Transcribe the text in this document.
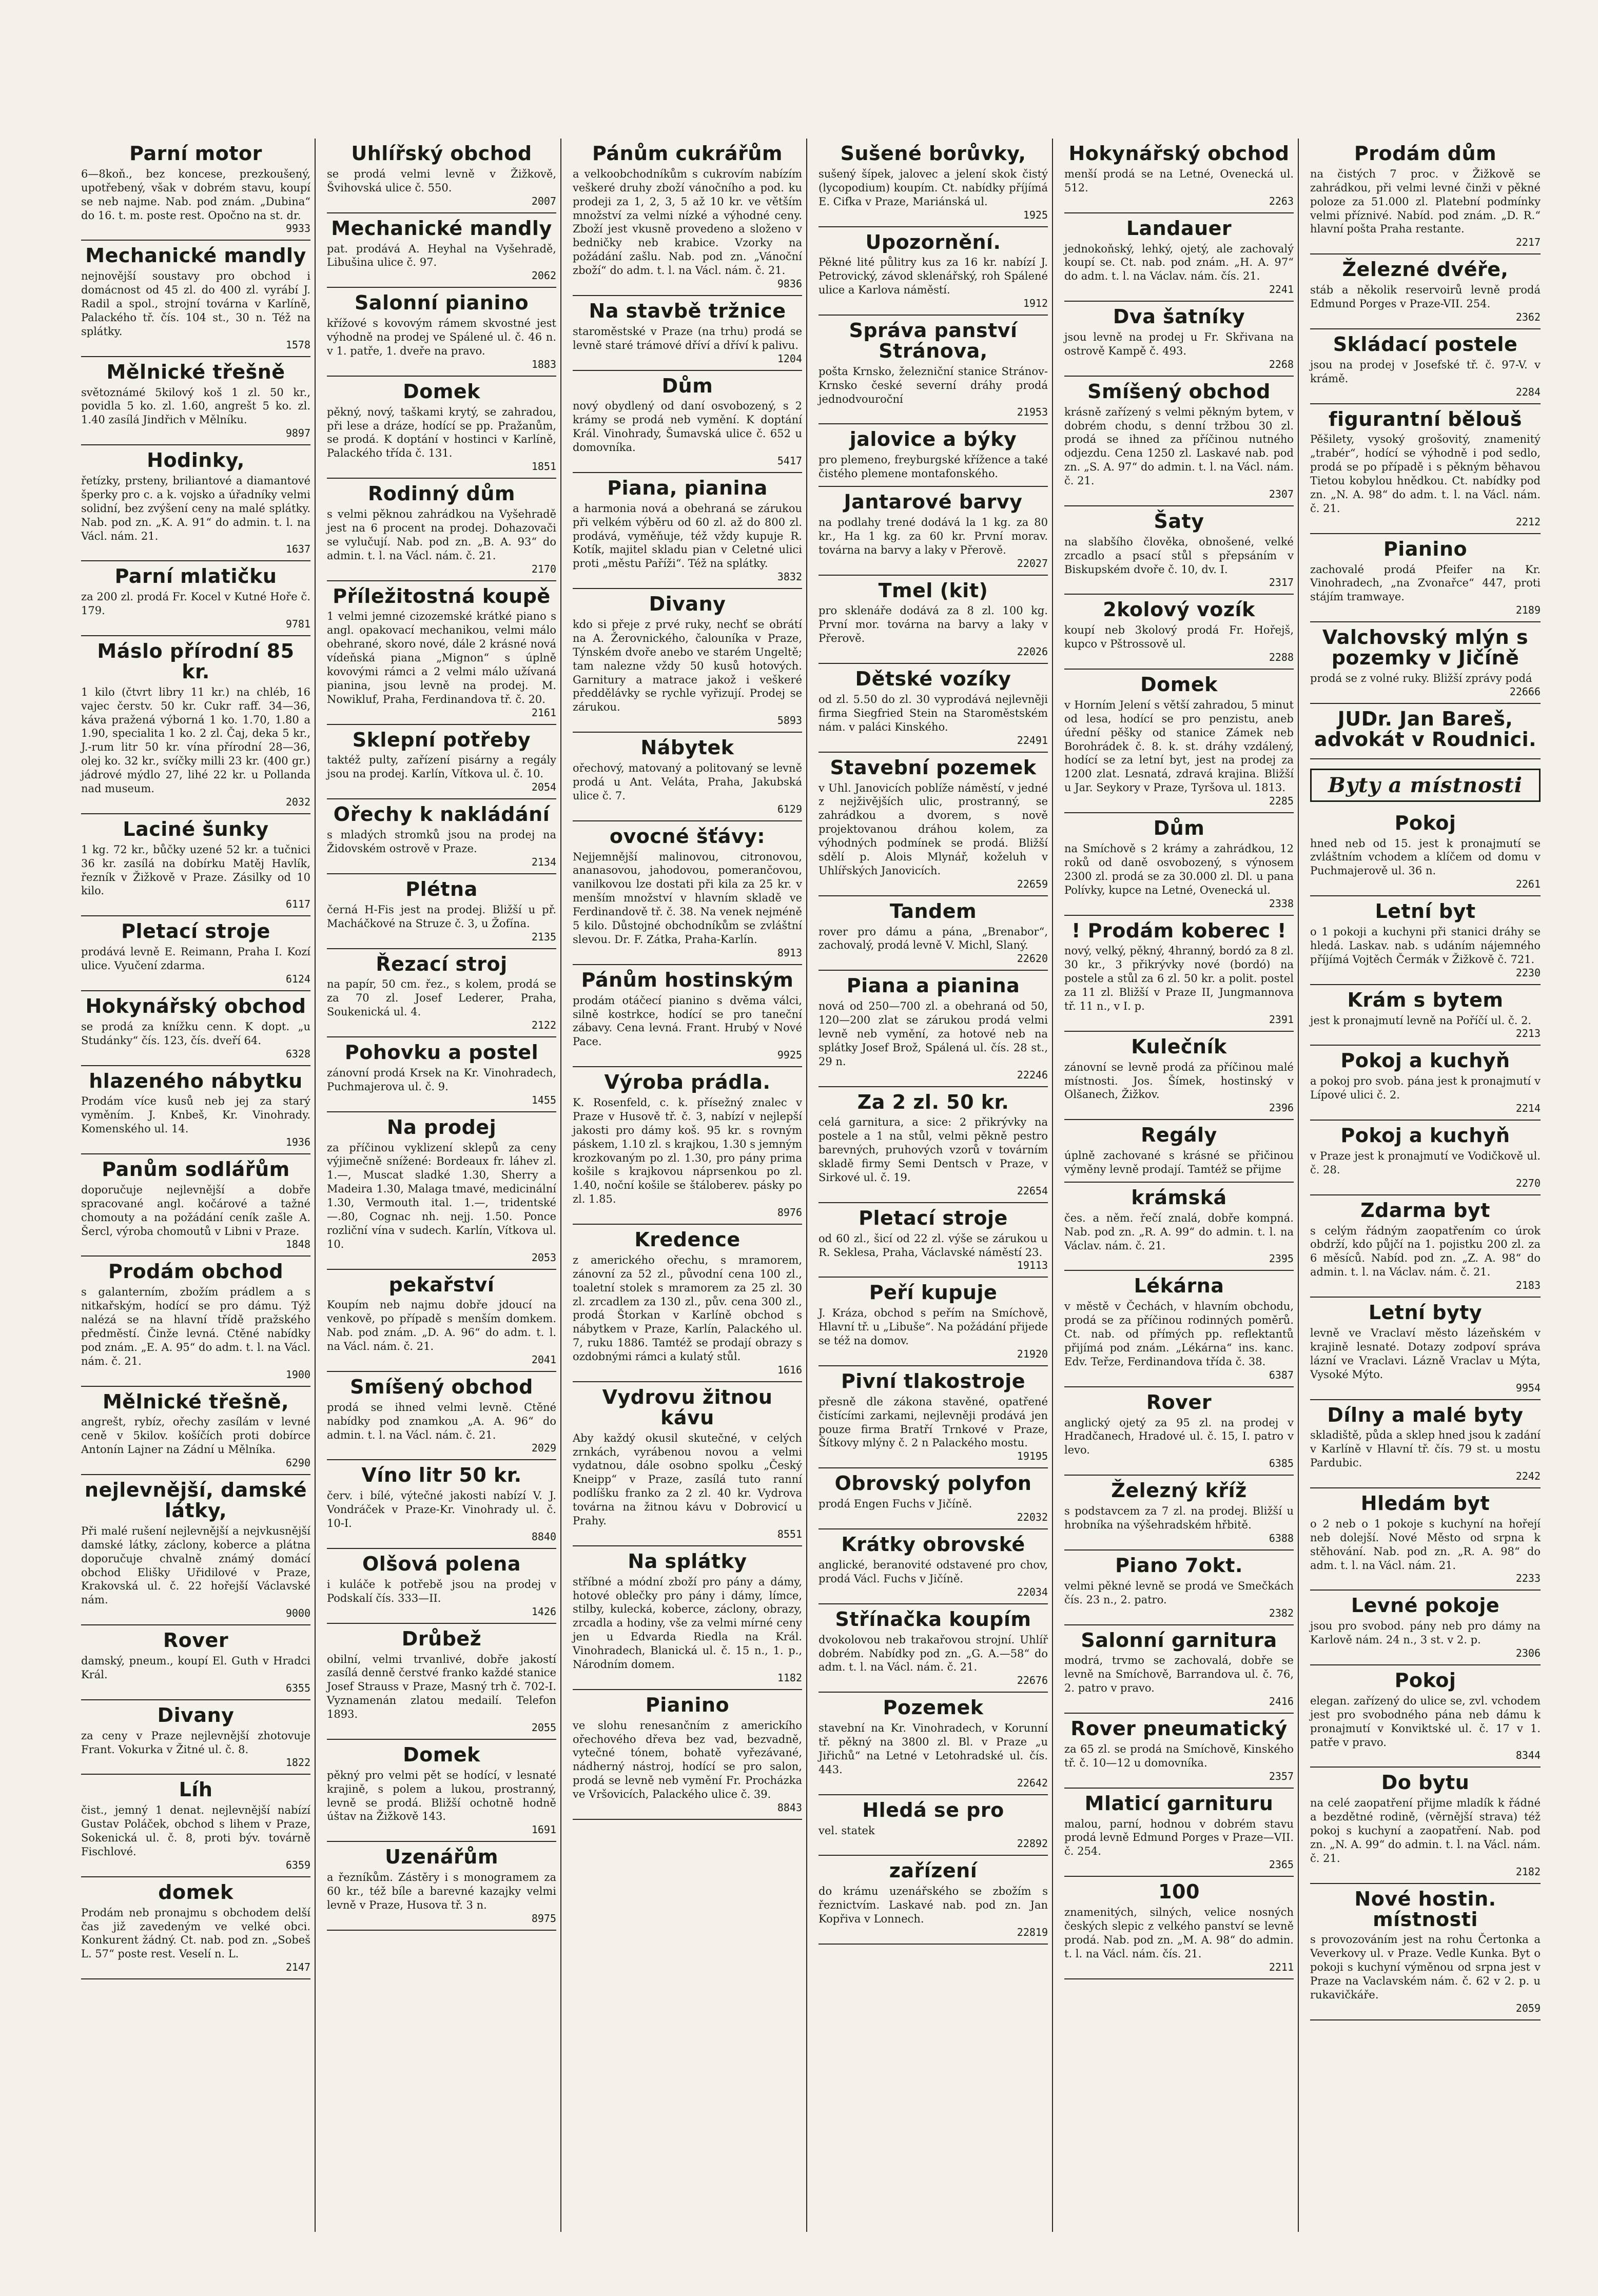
Parní motor

6—8koň., bez koncese, prezkoušený, upotřebený, však v dobrém stavu, koupí se neb najme. Nab. pod znám. „Dubina“ do 16. t. m. poste rest. Opočno na st. dr.

9933
Mechanické mandly

nejnovější soustavy pro obchod i domácnost od 45 zl. do 400 zl. vyrábí J. Radil a spol., strojní továrna v Karlíně, Palackého tř. čís. 104 st., 30 n. Též na splátky.

1578
Mělnické třešně

světoznámé 5kilový koš 1 zl. 50 kr., povidla 5 ko. zl. 1.60, angrešt 5 ko. zl. 1.40 zasílá Jindřich v Mělníku.

9897
Hodinky,

řetízky, prsteny, briliantové a diamantové šperky pro c. a k. vojsko a úřadníky velmi solidní, bez zvýšení ceny na malé splátky. Nab. pod zn. „K. A. 91“ do admin. t. l. na Václ. nám. 21.

1637
Parní mlatičku

za 200 zl. prodá Fr. Kocel v Kutné Hoře č. 179.

9781
Máslo přírodní 85 kr.

1 kilo (čtvrt libry 11 kr.) na chléb, 16 vajec čerstv. 50 kr. Cukr raff. 34—36, káva pražená výborná 1 ko. 1.70, 1.80 a 1.90, specialita 1 ko. 2 zl. Čaj, deka 5 kr., J.-rum litr 50 kr. vína přírodní 28—36, olej ko. 32 kr., svíčky milli 23 kr. (400 gr.) jádrové mýdlo 27, lihé 22 kr. u Pollanda nad museum.

2032
Laciné šunky

1 kg. 72 kr., bůčky uzené 52 kr. a tučnici 36 kr. zasílá na dobírku Matěj Havlík, řezník v Žižkově v Praze. Zásilky od 10 kilo.

6117
Pletací stroje

prodává levně E. Reimann, Praha I. Kozí ulice. Vyučení zdarma.

6124
Hokynářský obchod

se prodá za knížku cenn. K dopt. „u Studánky“ čís. 123, čís. dveří 64.

6328
hlazeného nábytku

Prodám více kusů neb jej za starý vyměním. J. Knbeš, Kr. Vinohrady. Komenského ul. 14.

1936
Panům sodlářům

doporučuje nejlevnější a dobře spracované angl. kočárové a tažné chomouty a na požádání ceník zašle A. Šercl, výroba chomoutů v Libni v Praze.

1848
Prodám obchod

s galanterním, zbožím prádlem a s nitkařským, hodící se pro dámu. Týž nalézá se na hlavní třídě pražského předměstí. Činže levná. Ctěné nabídky pod znám. „E. A. 95“ do adm. t. l. na Václ. nám. č. 21.

1900
Mělnické třešně,

angrešt, rybíz, ořechy zasílám v levné ceně v 5kilov. košíčích proti dobírce Antonín Lajner na Zádní u Mělníka.

6290
nejlevnější, damské látky,

Při malé rušení nejlevnější a nejvkusnější damské látky, záclony, koberce a plátna doporučuje chvalně známý domácí obchod Elišky Uřidilové v Praze, Krakovská ul. č. 22 hořejší Václavské nám.

9000
Rover

damský, pneum., koupí El. Guth v Hradci Král.

6355
Divany

za ceny v Praze nejlevnější zhotovuje Frant. Vokurka v Žitné ul. č. 8.

1822
Líh

čist., jemný 1 denat. nejlevnější nabízí Gustav Poláček, obchod s lihem v Praze, Sokenická ul. č. 8, proti býv. továrně Fischlové.

6359
domek

Prodám neb pronajmu s obchodem delší čas již zavedeným ve velké obci. Konkurent žádný. Ct. nab. pod zn. „Sobeš L. 57“ poste rest. Veselí n. L.

2147
Uhlířský obchod

se prodá velmi levně v Žižkově, Švihovská ulice č. 550.

2007
Mechanické mandly

pat. prodává A. Heyhal na Vyšehradě, Libušina ulice č. 97.

2062
Salonní pianino

křížové s kovovým rámem skvostné jest výhodně na prodej ve Spálené ul. č. 46 n. v 1. patře, 1. dveře na pravo.

1883
Domek

pěkný, nový, taškami krytý, se zahradou, při lese a dráze, hodící se pp. Pražanům, se prodá. K doptání v hostinci v Karlíně, Palackého třída č. 131.

1851
Rodinný dům

s velmi pěknou zahrádkou na Vyšehradě jest na 6 procent na prodej. Dohazovači se vylučují. Nab. pod zn. „B. A. 93“ do admin. t. l. na Václ. nám. č. 21.

2170
Příležitostná koupě

1 velmi jemné cizozemské krátké piano s angl. opakovací mechanikou, velmi málo obehrané, skoro nové, dále 2 krásné nová vídeňská piana „Mignon“ s úplně kovovými rámci a 2 velmi málo užívaná pianina, jsou levně na prodej. M. Nowikluf, Praha, Ferdinandova tř. č. 20.

2161
Sklepní potřeby

taktéž pulty, zařízení pisárny a regály jsou na prodej. Karlín, Vítkova ul. č. 10.

2054
Ořechy k nakládání

s mladých stromků jsou na prodej na Židovském ostrově v Praze.

2134
Plétna

černá H-Fis jest na prodej. Bližší u př. Macháčkové na Struze č. 3, u Žofína.

2135
Řezací stroj

na papír, 50 cm. řez., s kolem, prodá se za 70 zl. Josef Lederer, Praha, Soukenická ul. 4.

2122
Pohovku a postel

zánovní prodá Krsek na Kr. Vinohradech, Puchmajerova ul. č. 9.

1455
Na prodej

za příčinou vyklizení sklepů za ceny výjimečně snížené: Bordeaux fr. láhev zl. 1.—, Muscat sladké 1.30, Sherry a Madeira 1.30, Malaga tmavé, medicinální 1.30, Vermouth ital. 1.—, tridentské —.80, Cognac nh. nejj. 1.50. Ponce rozliční vína v sudech. Karlín, Vítkova ul. 10.

2053
pekařství

Koupím neb najmu dobře jdoucí na venkově, po případě s menším domkem. Nab. pod znám. „D. A. 96“ do adm. t. l. na Václ. nám. č. 21.

2041
Smíšený obchod

prodá se ihned velmi levně. Ctěné nabídky pod znamkou „A. A. 96“ do admin. t. l. na Václ. nám. č. 21.

2029
Víno litr 50 kr.

červ. i bílé, výtečné jakosti nabízí V. J. Vondráček v Praze-Kr. Vinohrady ul. č. 10-I.

8840
Olšová polena

i kuláče k potřebě jsou na prodej v Podskalí čís. 333—II.

1426
Drůbež

obilní, velmi trvanlivé, dobře jakostí zasílá denně čerstvé franko každé stanice Josef Strauss v Praze, Masný trh č. 702-I. Vyznamenán zlatou medailí. Telefon 1893.

2055
Domek

pěkný pro velmi pět se hodící, v lesnaté krajině, s polem a lukou, prostranný, levně se prodá. Bližší ochotně hodně úštav na Žižkově 143.

1691
Uzenářům

a řezníkům. Zástěry i s monogramem za 60 kr., též bíle a barevné kazajky velmi levně v Praze, Husova tř. 3 n.

8975
Pánům cukrářům

a velkoobchodníkům s cukrovím nabízím veškeré druhy zboží vánočního a pod. ku prodeji za 1, 2, 3, 5 až 10 kr. ve větším množství za velmi nízké a výhodné ceny. Zboží jest vkusně provedeno a složeno v bedničky neb krabice. Vzorky na požádání zašlu. Nab. pod zn. „Vánoční zboží“ do adm. t. l. na Václ. nám. č. 21.

9836
Na stavbě tržnice

staroměstské v Praze (na trhu) prodá se levně staré trámové dříví a dříví k palivu.

1204
Dům

nový obydlený od daní osvobozený, s 2 krámy se prodá neb vymění. K doptání Král. Vinohrady, Šumavská ulice č. 652 u domovníka.

5417
Piana, pianina

a harmonia nová a obehraná se zárukou při velkém výběru od 60 zl. až do 800 zl. prodává, vyměňuje, též vždy kupuje R. Kotík, majitel skladu pian v Celetné ulici proti „městu Paříži“. Též na splátky.

3832
Divany

kdo si přeje z prvé ruky, nechť se obrátí na A. Žerovnického, čalouníka v Praze, Týnském dvoře anebo ve starém Ungeltě; tam nalezne vždy 50 kusů hotových. Garnitury a matrace jakož i veškeré předdělávky se rychle vyřizují. Prodej se zárukou.

5893
Nábytek

ořechový, matovaný a politovaný se levně prodá u Ant. Veláta, Praha, Jakubská ulice č. 7.

6129
ovocné šťávy:

Nejjemnější malinovou, citronovou, ananasovou, jahodovou, pomerančovou, vanilkovou lze dostati při kila za 25 kr. v menším množství v hlavním skladě ve Ferdinandově tř. č. 38. Na venek nejméně 5 kilo. Důstojné obchodníkům se zvláštní slevou. Dr. F. Zátka, Praha-Karlín.

8913
Pánům hostinským

prodám otáčecí pianino s dvěma válci, silně kostrkce, hodící se pro taneční zábavy. Cena levná. Frant. Hrubý v Nové Pace.

9925
Výroba prádla.

K. Rosenfeld, c. k. přísežný znalec v Praze v Husově tř. č. 3, nabízí v nejlepší jakosti pro dámy koš. 95 kr. s rovným páskem, 1.10 zl. s krajkou, 1.30 s jemným krozkovaným po zl. 1.30, pro pány prima košile s krajkovou náprsenkou po zl. 1.40, noční košile se štáloberev. pásky po zl. 1.85.

8976
Kredence

z amerického ořechu, s mramorem, zánovní za 52 zl., původní cena 100 zl., toaletní stolek s mramorem za 25 zl. 30 zl. zrcadlem za 130 zl., pův. cena 300 zl., prodá Štorkan v Karlíně obchod s nábytkem v Praze, Karlín, Palackého ul. 7, ruku 1886. Tamtéž se prodají obrazy s ozdobnými rámci a kulatý stůl.

1616
Vydrovu žitnou kávu

Aby každý okusil skutečné, v celých zrnkách, vyrábenou novou a velmi vydatnou, dále osobno spolku „Český Kneipp“ v Praze, zasílá tuto ranní podlíšku franko za 2 zl. 40 kr. Vydrova továrna na žitnou kávu v Dobrovicí u Prahy.

8551
Na splátky

stříbné a módní zboží pro pány a dámy, hotové oblečky pro pány i dámy, límce, stilby, kulecká, koberce, záclony, obrazy, zrcadla a hodiny, vše za velmi mírné ceny jen u Edvarda Riedla na Král. Vinohradech, Blanická ul. č. 15 n., 1. p., Národním domem.

1182
Pianino

ve slohu renesančním z americkího ořechového dřeva bez vad, bezvadně, vytečné tónem, bohatě vyřezávané, nádherný nástroj, hodící se pro salon, prodá se levně neb vymění Fr. Procházka ve Vršovicích, Palackého ulice č. 39.

8843
Sušené borůvky,

sušený šípek, jalovec a jelení skok čistý (lycopodium) koupím. Ct. nabídky příjímá E. Cifka v Praze, Mariánská ul.

1925
Upozornění.

Pěkné lité půlitry kus za 16 kr. nabízí J. Petrovický, závod sklenářský, roh Spálené ulice a Karlova náměstí.

1912
Správa panství Stránova,

pošta Krnsko, železniční stanice Stránov-Krnsko české severní dráhy prodá jednodvouroční

21953
jalovice a býky

pro plemeno, freyburgské křížence a také čistého plemene montafonského.

Jantarové barvy

na podlahy trené dodává la 1 kg. za 80 kr., Ha 1 kg. za 60 kr. První morav. továrna na barvy a laky v Přerově.

22027
Tmel (kit)

pro sklenáře dodává za 8 zl. 100 kg. První mor. továrna na barvy a laky v Přerově.

22026
Dětské vozíky

od zl. 5.50 do zl. 30 vyprodává nejlevněji firma Siegfried Stein na Staroměstském nám. v paláci Kinského.

22491
Stavební pozemek

v Uhl. Janovicích poblíže náměstí, v jedné z nejživějších ulic, prostranný, se zahrádkou a dvorem, s nově projektovanou dráhou kolem, za výhodných podmínek se prodá. Bližší sdělí p. Alois Mlynář, koželuh v Uhlířských Janovicích.

22659
Tandem

rover pro dámu a pána, „Brenabor“, zachovalý, prodá levně V. Michl, Slaný.

22620
Piana a pianina

nová od 250—700 zl. a obehraná od 50, 120—200 zlat se zárukou prodá velmi levně neb vymění, za hotové neb na splátky Josef Brož, Spálená ul. čís. 28 st., 29 n.

22246
Za 2 zl. 50 kr.

celá garnitura, a sice: 2 přikrývky na postele a 1 na stůl, velmi pěkně pestro barevných, pruhových vzorů v továrním skladě firmy Semi Dentsch v Praze, v Sirkové ul. č. 19.

22654
Pletací stroje

od 60 zl., šicí od 22 zl. výše se zárukou u R. Seklesa, Praha, Václavské náměstí 23.

19113
Peří kupuje

J. Kráza, obchod s peřím na Smíchově, Hlavní tř. u „Libuše“. Na požádání přijede se též na domov.

21920
Pivní tlakostroje

přesně dle zákona stavěné, opatřené čistícími zarkami, nejlevněji prodává jen pouze firma Bratří Trnkové v Praze, Šítkovy mlýny č. 2 n Palackého mostu.

19195
Obrovský polyfon

prodá Engen Fuchs v Jičíně.

22032
Krátky obrovské

anglické, beranovité odstavené pro chov, prodá Václ. Fuchs v Jičíně.

22034
Střínačka koupím

dvokolovou neb trakařovou strojní. Uhlíř dobrém. Nabídky pod zn. „G. A.—58“ do adm. t. l. na Václ. nám. č. 21.

22676
Pozemek

stavební na Kr. Vinohradech, v Korunní tř. pěkný na 3800 zl. Bl. v Praze „u Jiřichů“ na Letné v Letohradské ul. čís. 443.

22642
Hledá se pro

vel. statek

22892
zařízení

do krámu uzenářského se zbožím s řeznictvím. Laskavé nab. pod zn. Jan Kopřiva v Lonnech.

22819
Hokynářský obchod

menší prodá se na Letné, Ovenecká ul. 512.

2263
Landauer

jednokoňský, lehký, ojetý, ale zachovalý koupí se. Ct. nab. pod znám. „H. A. 97“ do adm. t. l. na Václav. nám. čís. 21.

2241
Dva šatníky

jsou levně na prodej u Fr. Skřivana na ostrově Kampě č. 493.

2268
Smíšený obchod

krásně zařízený s velmi pěkným bytem, v dobrém chodu, s denní tržbou 30 zl. prodá se ihned za příčinou nutného odjezdu. Cena 1250 zl. Laskavé nab. pod zn. „S. A. 97“ do admin. t. l. na Václ. nám. č. 21.

2307
Šaty

na slabšího člověka, obnošené, velké zrcadlo a psací stůl s přepsáním v Biskupském dvoře č. 10, dv. I.

2317
2kolový vozík

koupí neb 3kolový prodá Fr. Hořejš, kupco v Pštrossově ul.

2288
Domek

v Horním Jelení s větší zahradou, 5 minut od lesa, hodící se pro penzistu, aneb úřední pěšky od stanice Zámek neb Borohrádek č. 8. k. st. dráhy vzdálený, hodící se za letní byt, jest na prodej za 1200 zlat. Lesnatá, zdravá krajina. Bližší u Jar. Seykory v Praze, Tyršova ul. 1813.

2285
Dům

na Smíchově s 2 krámy a zahrádkou, 12 roků od daně osvobozený, s výnosem 2300 zl. prodá se za 30.000 zl. Dl. u pana Polívky, kupce na Letné, Ovenecká ul.

2338
! Prodám koberec !

nový, velký, pěkný, 4hranný, bordó za 8 zl. 30 kr., 3 přikrývky nové (bordó) na postele a stůl za 6 zl. 50 kr. a polit. postel za 11 zl. Bližší v Praze II, Jungmannova tř. 11 n., v I. p.

2391
Kulečník

zánovní se levně prodá za příčinou malé místnosti. Jos. Šímek, hostinský v Olšanech, Žižkov.

2396
Regály

úplně zachované s krásné se přičinou výměny levně prodají. Tamtéž se přijme

krámská

čes. a něm. řečí znalá, dobře kompná. Nab. pod zn. „R. A. 99“ do admin. t. l. na Václav. nám. č. 21.

2395
Lékárna

v městě v Čechách, v hlavním obchodu, prodá se za příčinou rodinných poměrů. Ct. nab. od přímých pp. reflektantů přijímá pod znám. „Lékárna“ ins. kanc. Edv. Teřze, Ferdinandova třída č. 38.

6387
Rover

anglický ojetý za 95 zl. na prodej v Hradčanech, Hradové ul. č. 15, I. patro v levo.

6385
Železný kříž

s podstavcem za 7 zl. na prodej. Bližší u hrobníka na výšehradském hřbitě.

6388
Piano 7okt.

velmi pěkné levně se prodá ve Smečkách čís. 23 n., 2. patro.

2382
Salonní garnitura

modrá, trvmo se zachovalá, dobře se levně na Smíchově, Barrandova ul. č. 76, 2. patro v pravo.

2416
Rover pneumatický

za 65 zl. se prodá na Smíchově, Kinského tř. č. 10—12 u domovníka.

2357
Mlaticí garnituru

malou, parní, hodnou v dobrém stavu prodá levně Edmund Porges v Praze—VII. č. 254.

2365
100

znamenitých, silných, velice nosných českých slepic z velkého panství se levně prodá. Nab. pod zn. „M. A. 98“ do admin. t. l. na Václ. nám. čís. 21.

2211
Prodám dům

na čistých 7 proc. v Žižkově se zahrádkou, při velmi levné činži v pěkné poloze za 51.000 zl. Platební podmínky velmi příznivé. Nabíd. pod znám. „D. R.“ hlavní pošta Praha restante.

2217
Železné dvéře,

stáb a několik reservoirů levně prodá Edmund Porges v Praze-VII. 254.

2362
Skládací postele

jsou na prodej v Josefské tř. č. 97-V. v krámě.

2284
figurantní bělouš

Pěšilety, vysoký grošovitý, znamenitý „trabér“, hodící se výhodně i pod sedlo, prodá se po případě i s pěkným běhavou Tietou kobylou hnědkou. Ct. nabídky pod zn. „N. A. 98“ do adm. t. l. na Václ. nám. č. 21.

2212
Pianino

zachovalé prodá Pfeifer na Kr. Vinohradech, „na Zvonařce“ 447, proti stájím tramwaye.

2189
Valchovský mlýn s pozemky v Jičíně

prodá se z volné ruky. Bližší zprávy podá

22666
JUDr. Jan Bareš, advokát v Roudnici.
Byty a místnosti
Pokoj

hned neb od 15. jest k pronajmutí se zvláštním vchodem a klíčem od domu v Puchmajerově ul. 36 n.

2261
Letní byt

o 1 pokoji a kuchyni při stanici dráhy se hledá. Laskav. nab. s udáním nájemného příjímá Vojtěch Čermák v Žižkově č. 721.

2230
Krám s bytem

jest k pronajmutí levně na Poříčí ul. č. 2.

2213
Pokoj a kuchyň

a pokoj pro svob. pána jest k pronajmutí v Lípové ulici č. 2.

2214
Pokoj a kuchyň

v Praze jest k pronajmutí ve Vodičkově ul. č. 28.

2270
Zdarma byt

s celým řádným zaopatřením co úrok obdrží, kdo půjčí na 1. pojistku 200 zl. za 6 měsíců. Nabíd. pod zn. „Z. A. 98“ do admin. t. l. na Václav. nám. č. 21.

2183
Letní byty

levně ve Vraclaví město lázeňském v krajině lesnaté. Dotazy zodpoví správa lázní ve Vraclavi. Lázně Vraclav u Mýta, Vysoké Mýto.

9954
Dílny a malé byty

skladiště, půda a sklep hned jsou k zadání v Karlíně v Hlavní tř. čís. 79 st. u mostu Pardubic.

2242
Hledám byt

o 2 neb o 1 pokoje s kuchyní na hořejí neb dolejší. Nové Město od srpna k stěhování. Nab. pod zn. „R. A. 98“ do adm. t. l. na Václ. nám. 21.

2233
Levné pokoje

jsou pro svobod. pány neb pro dámy na Karlově nám. 24 n., 3 st. v 2. p.

2306
Pokoj

elegan. zařízený do ulice se, zvl. vchodem jest pro svobodného pána neb dámu k pronajmutí v Konviktské ul. č. 17 v 1. patře v pravo.

8344
Do bytu

na celé zaopatření přijme mladík k řádné a bezdětné rodině, (věrnější strava) též pokoj s kuchyní a zaopatření. Nab. pod zn. „N. A. 99“ do admin. t. l. na Václ. nám. č. 21.

2182
Nové hostin. místnosti

s provozováním jest na rohu Čertonka a Veverkovy ul. v Praze. Vedle Kunka. Byt o pokoji s kuchyní výměnou od srpna jest v Praze na Vaclavském nám. č. 62 v 2. p. u rukavičkáře.

2059
